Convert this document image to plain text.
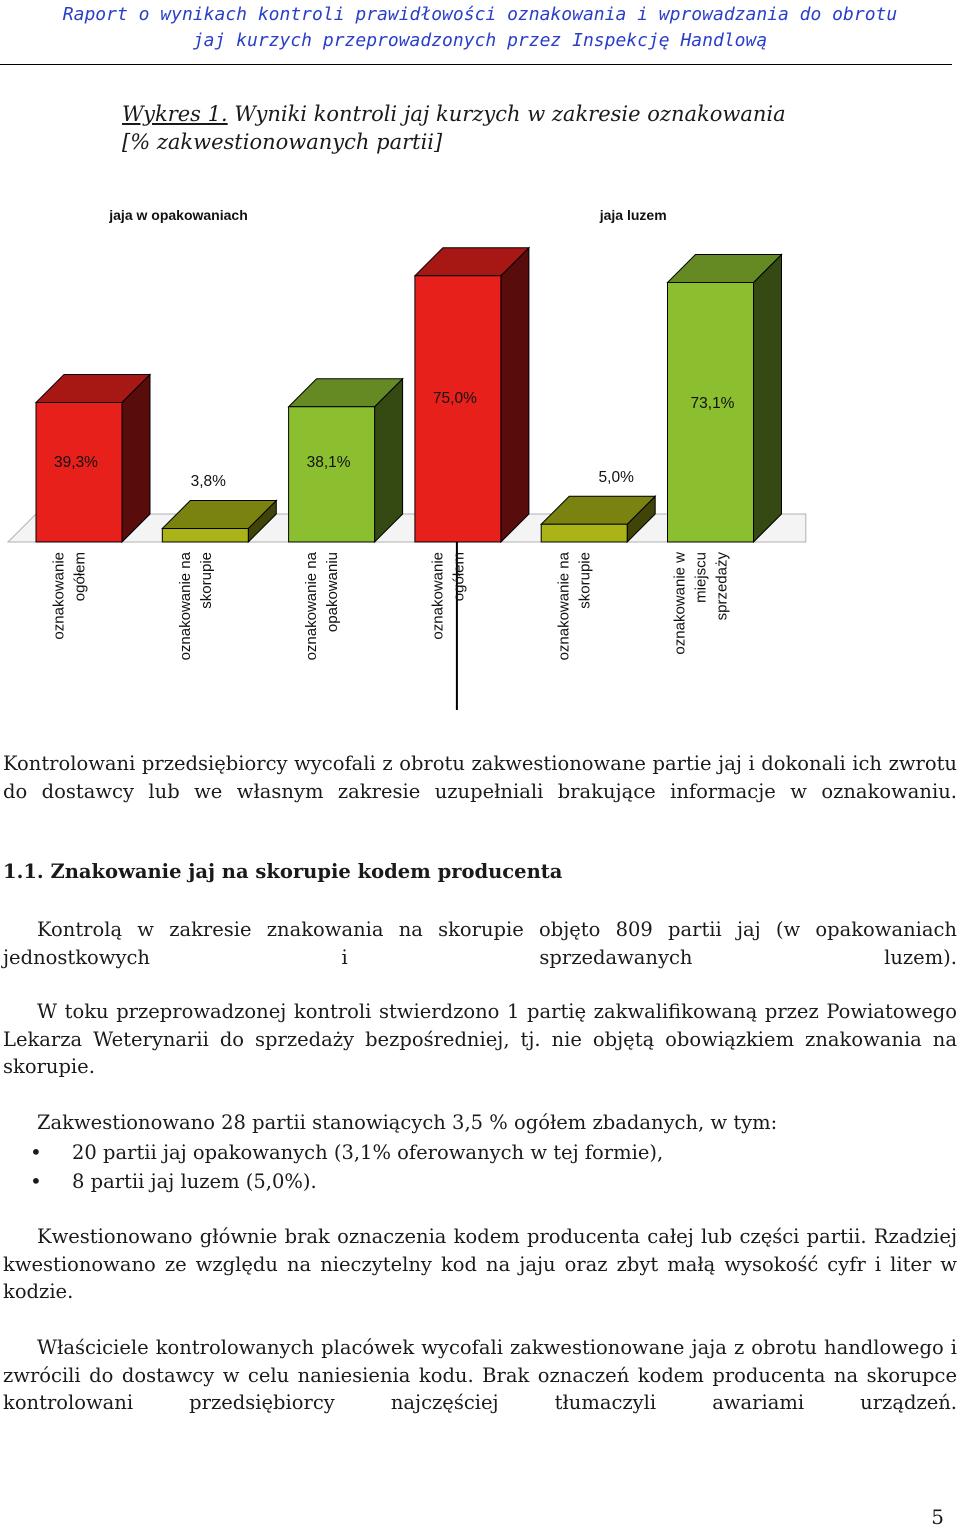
Raport o wynikach kontroli prawidłowości oznakowania i wprowadzania do obrotu
jaj kurzych przeprowadzonych przez Inspekcję Handlową
Wykres 1. Wyniki kontroli jaj kurzych w zakresie oznakowania
[% zakwestionowanych partii]
jaja w opakowaniach	jaja luzem
39,3%
3,8%
38,1%
75,0%
5,0%
73,1%
oznakowanie ogółem	oznakowanie na skorupie	oznakowanie na opakowaniu	oznakowanie ogółem	oznakowanie na skorupie	oznakowanie w miejscu sprzedaży
Kontrolowani przedsiębiorcy wycofali z obrotu zakwestionowane partie jaj i dokonali ich zwrotu do dostawcy lub we własnym zakresie uzupełniali brakujące informacje w oznakowaniu.
1.1. Znakowanie jaj na skorupie kodem producenta
Kontrolą w zakresie znakowania na skorupie objęto 809 partii jaj (w opakowaniach jednostkowych i sprzedawanych luzem).
W toku przeprowadzonej kontroli stwierdzono 1 partię zakwalifikowaną przez Powiatowego Lekarza Weterynarii do sprzedaży bezpośredniej, tj. nie objętą obowiązkiem znakowania na skorupie.
Zakwestionowano 28 partii stanowiących 3,5 % ogółem zbadanych, w tym:
• 20 partii jaj opakowanych (3,1% oferowanych w tej formie),
• 8 partii jaj luzem (5,0%).
Kwestionowano głównie brak oznaczenia kodem producenta całej lub części partii. Rzadziej kwestionowano ze względu na nieczytelny kod na jaju oraz zbyt małą wysokość cyfr i liter w kodzie.
Właściciele kontrolowanych placówek wycofali zakwestionowane jaja z obrotu handlowego i zwrócili do dostawcy w celu naniesienia kodu. Brak oznaczeń kodem producenta na skorupce kontrolowani przedsiębiorcy najczęściej tłumaczyli awariami urządzeń.
5
